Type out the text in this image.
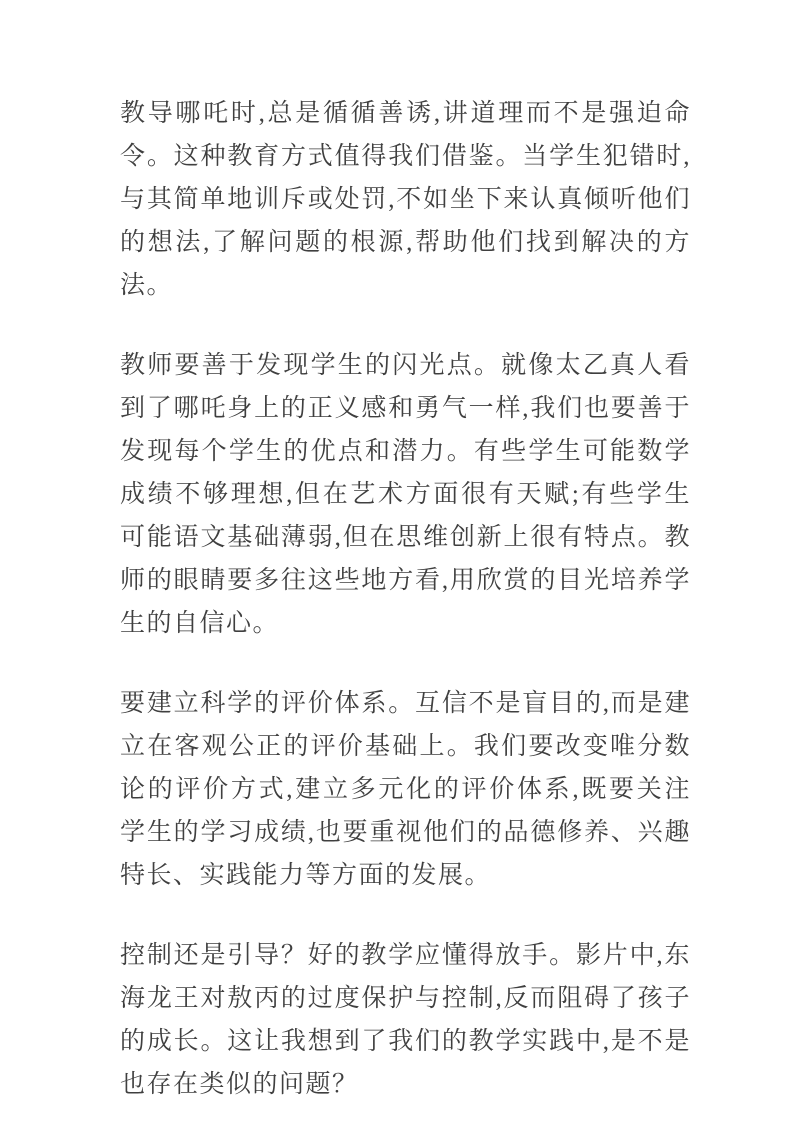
教导哪吒时,总是循循善诱,讲道理而不是强迫命令。这种教育方式值得我们借鉴。当学生犯错时,与其简单地训斥或处罚,不如坐下来认真倾听他们的想法,了解问题的根源,帮助他们找到解决的方法。

教师要善于发现学生的闪光点。就像太乙真人看到了哪吒身上的正义感和勇气一样,我们也要善于发现每个学生的优点和潜力。有些学生可能数学成绩不够理想,但在艺术方面很有天赋;有些学生可能语文基础薄弱,但在思维创新上很有特点。教师的眼睛要多往这些地方看,用欣赏的目光培养学生的自信心。

要建立科学的评价体系。互信不是盲目的,而是建立在客观公正的评价基础上。我们要改变唯分数论的评价方式,建立多元化的评价体系,既要关注学生的学习成绩,也要重视他们的品德修养、兴趣特长、实践能力等方面的发展。

控制还是引导？好的教学应懂得放手。影片中,东海龙王对敖丙的过度保护与控制,反而阻碍了孩子的成长。这让我想到了我们的教学实践中,是不是也存在类似的问题？
